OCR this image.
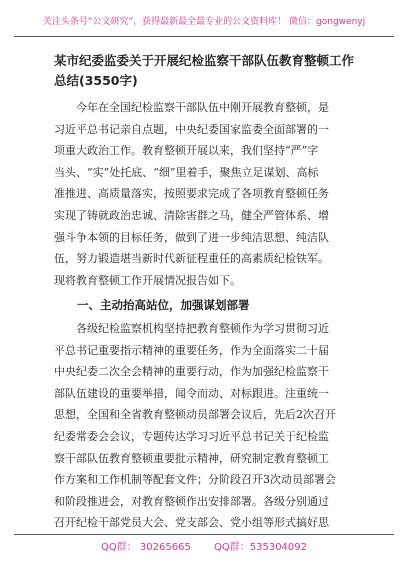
关注头条号“公文研究”，获得最新最全最专业的公文资料库！ 微信：gongwenyj
某市纪委监委关于开展纪检监察干部队伍教育整顿工作总结(3550字)
今年在全国纪检监察干部队伍中刚开展教育整顿，是
习近平总书记亲自点题，中央纪委国家监委全面部署的一
项重大政治工作。教育整顿开展以来，我们坚持“严”字
当头、“实”处托底、“细”里着手，聚焦立足谋划、高标
准推进、高质量落实，按照要求完成了各项教育整顿任务
实现了铸就政治忠诚、清除害群之马，健全严管体系、增
强斗争本领的目标任务，做到了进一步纯洁思想、纯洁队
伍，努力锻造堪当新时代新征程重任的高素质纪检铁军。
现将教育整顿工作开展情况报告如下。
一、主动抬高站位，加强谋划部署
各级纪检监察机构坚持把教育整顿作为学习贯彻习近
平总书记重要指示精神的重要任务，作为全面落实二十届
中央纪委二次全会精神的重要行动，作为加强纪检监察干
部队伍建设的重要举措，闻令而动、对标跟进。注重统一
思想，全国和全省教育整顿动员部署会议后，先后2次召开
纪委常委会会议，专题传达学习习近平总书记关于纪检监
察干部队伍教育整顿重要批示精神，研究制定教育整顿工
作方案和工作机制等配套文件；分阶段召开3次动员部署会
和阶段推进会，对教育整顿作出安排部署。各级分别通过
召开纪检干部党员大会、党支部会、党小组等形式搞好思
QQ群： 30265665 QQ群：535304092
